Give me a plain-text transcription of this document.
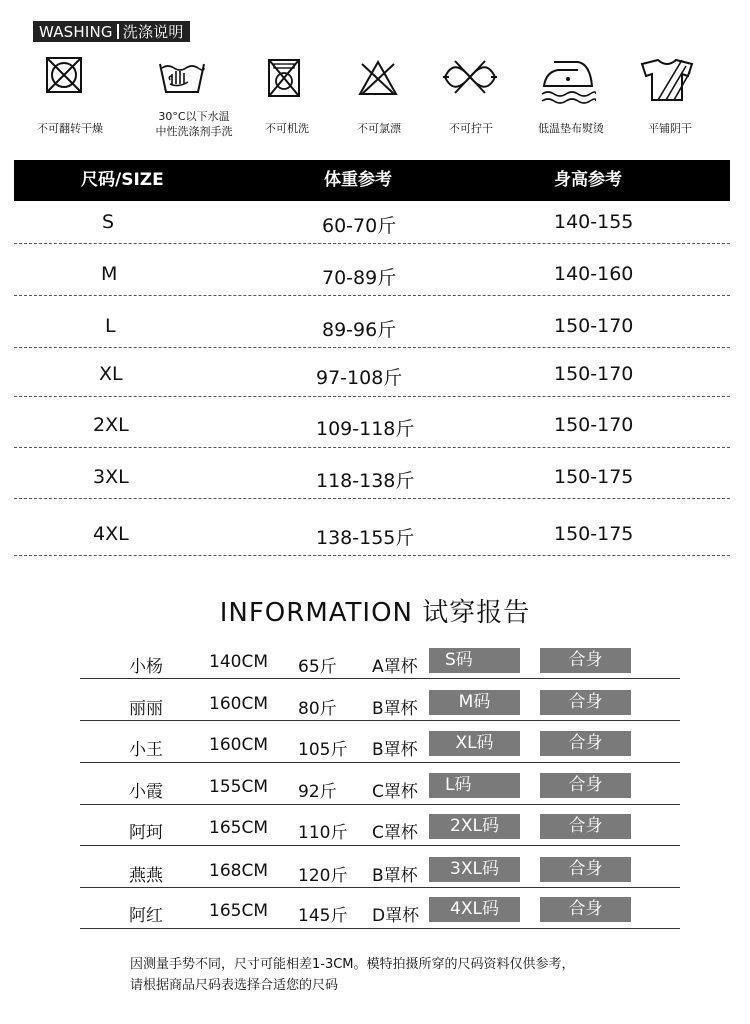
WASHING 洗涤说明
不可翻转干燥
30°C以下水温
中性洗涤剂手洗	不可机洗	不可氯漂	不可拧干	低温垫布熨烫	平铺阴干
尺码/SIZE	体重参考	身高参考
S	60-70斤	140-155
M	70-89斤	140-160
L	89-96斤	150-170
XL	97-108斤	150-170
2XL	109-118斤	150-170
3XL	118-138斤	150-175
4XL	138-155斤	150-175
INFORMATION 试穿报告
小杨	140CM 65斤 A罩杯	S码	合身
丽丽	160CM 80斤 B罩杯	M码	合身
小王	160CM 105斤 B罩杯	XL码	合身
小霞	155CM 92斤 C罩杯	L码	合身
阿珂	165CM 110斤 C罩杯	2XL码	合身
燕燕	168CM 120斤 B罩杯	3XL码	合身
阿红	165CM 145斤 D罩杯	4XL码	合身
因测量手势不同，尺寸可能相差1-3CM。模特拍摄所穿的尺码资料仅供参考，
请根据商品尺码表选择合适您的尺码
